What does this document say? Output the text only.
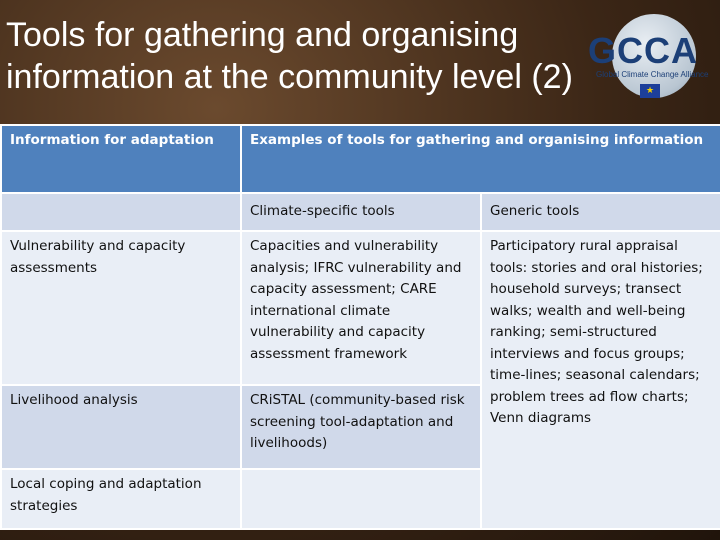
Tools for gathering and organising
information at the community level (2)
GCCA
Global Climate Change Alliance
★
Information for adaptation	Examples of tools for gathering and organising information	
	Climate-specific tools	Generic tools
Vulnerability and capacity assessments	Capacities and vulnerability analysis; IFRC vulnerability and capacity assessment; CARE international climate vulnerability and capacity assessment framework	Participatory rural appraisal tools: stories and oral histories; household surveys; transect walks; wealth and well-being ranking; semi-structured interviews and focus groups; time-lines; seasonal calendars; problem trees ad flow charts; Venn diagrams
Livelihood analysis	CRiSTAL (community-based risk screening tool-adaptation and livelihoods)	
Local coping and adaptation strategies		
